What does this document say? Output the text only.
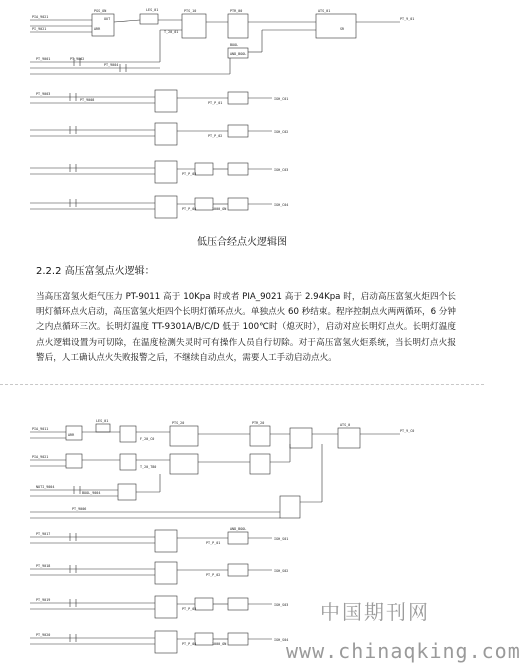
LES_01
PIA_9021
PI_9021
PGS_ON	PTS_10	PTR_00	ATS_01
OUT
ARR	SR
T_20_01
BOOL
AND_BOOL
PT_9001	PT_9002
PT_9004
PT_9003
PT_9008	IGH_C01
IGH_C02
IGH_C03
IGH_C04
PT_P_01
PT_P_02
PT_P_03
PT_P_04
PT_9_01
1000_ON
低压合经点火逻辑图
2.2.2 高压富氢点火逻辑：
当高压富氢火炬气压力 PT-9011 高于 10Kpa 时或者 PIA_9021 高于 2.94Kpa 时，启动高压富氢火炬四个长明灯循环点火启动，高压富氢火炬四个长明灯循环点火。单独点火 60 秒结束。程序控制点火两两循环，6 分钟之内点循环三次。长明灯温度 TT-9301A/B/C/D 低于 100℃时（熄灭时），启动对应长明灯点火。长明灯温度点火逻辑设置为可切除，在温度检测失灵时可有操作人员自行切除。对于高压富氢火炬系统，当长明灯点火报警后，人工确认点火失败报警之后，不继续自动点火，需要人工手动启动点火。
LES_01
PIA_9011
PIA_9021
ARR
PTS_20	PTR_20	ATS_0
F_20_C0
T_20_T80
NOTI_9004
BOOL_9004
PT_9006
PT_9017
PT_9018
PT_9019
PT_9020
PT_9_C0
IGH_S01
IGH_S02
IGH_S03
IGH_S04
PT_P_01
PT_P_02
PT_P_03
PT_P_04
AND_BOOL
1000_ON
中国期刊网
www.chinaqking.com
